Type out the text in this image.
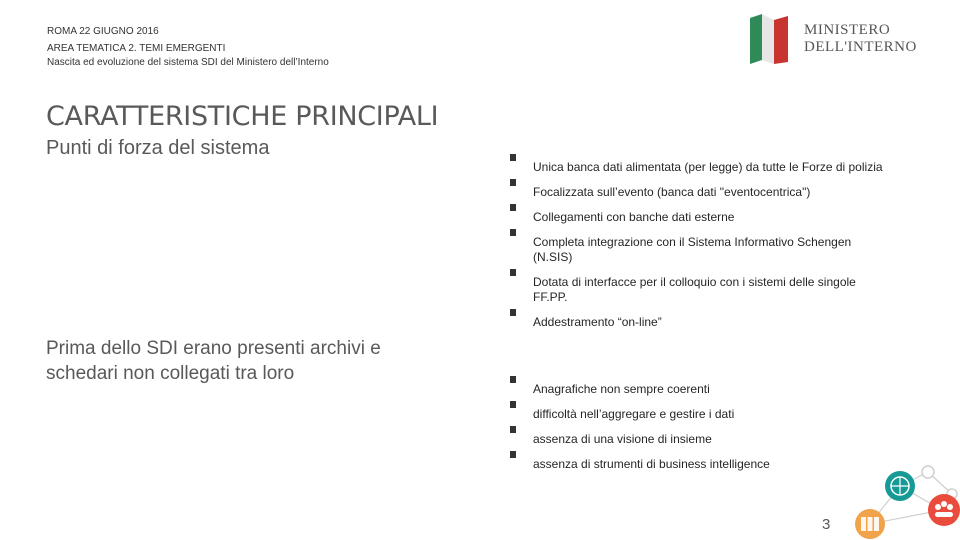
ROMA 22 GIUGNO 2016
AREA TEMATICA 2. TEMI EMERGENTI
Nascita ed evoluzione del sistema SDI del Ministero dell’Interno
MINISTERO
DELL'INTERNO
CARATTERISTICHE PRINCIPALI
Punti di forza del sistema
Prima dello SDI erano presenti archivi e schedari non collegati tra loro
Unica banca dati alimentata (per legge) da tutte le Forze di polizia
Focalizzata sull’evento (banca dati "eventocentrica")
Collegamenti con banche dati esterne
Completa integrazione con il Sistema Informativo Schengen (N.SIS)
Dotata di interfacce per il colloquio con i sistemi delle singole FF.PP.
Addestramento “on-line”
Anagrafiche non sempre coerenti
difficoltà nell’aggregare e gestire i dati
assenza di una visione di insieme
assenza di strumenti di business intelligence
3
